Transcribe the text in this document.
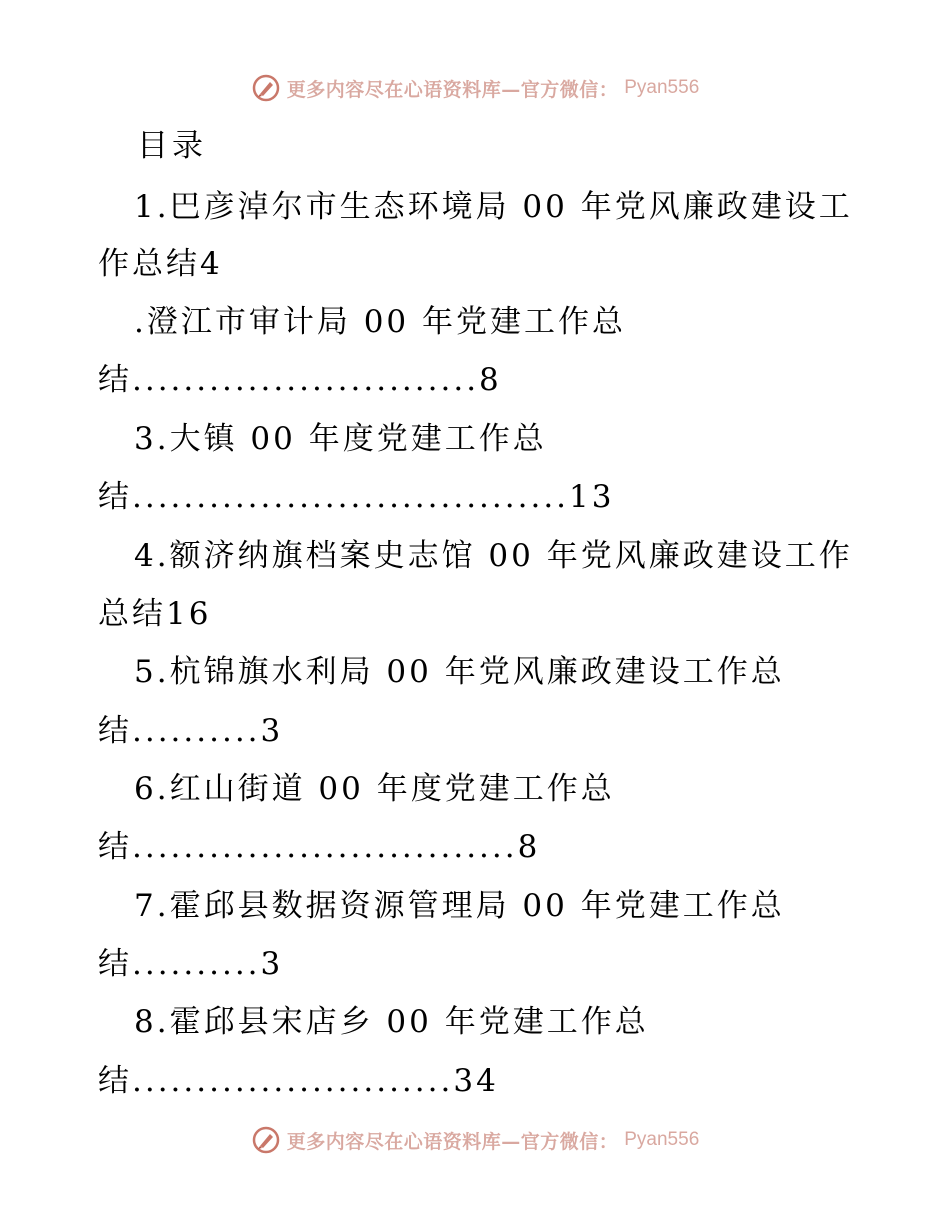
更多内容尽在心语资料库—官方微信： Pyan556
目录
1.巴彦淖尔市生态环境局 00 年党风廉政建设工
作总结4
.澄江市审计局 00 年党建工作总
结...........................8
3.大镇 00 年度党建工作总
结..................................13
4.额济纳旗档案史志馆 00 年党风廉政建设工作
总结16
5.杭锦旗水利局 00 年党风廉政建设工作总
结..........3
6.红山街道 00 年度党建工作总
结..............................8
7.霍邱县数据资源管理局 00 年党建工作总
结..........3
8.霍邱县宋店乡 00 年党建工作总
结.........................34
更多内容尽在心语资料库—官方微信： Pyan556
